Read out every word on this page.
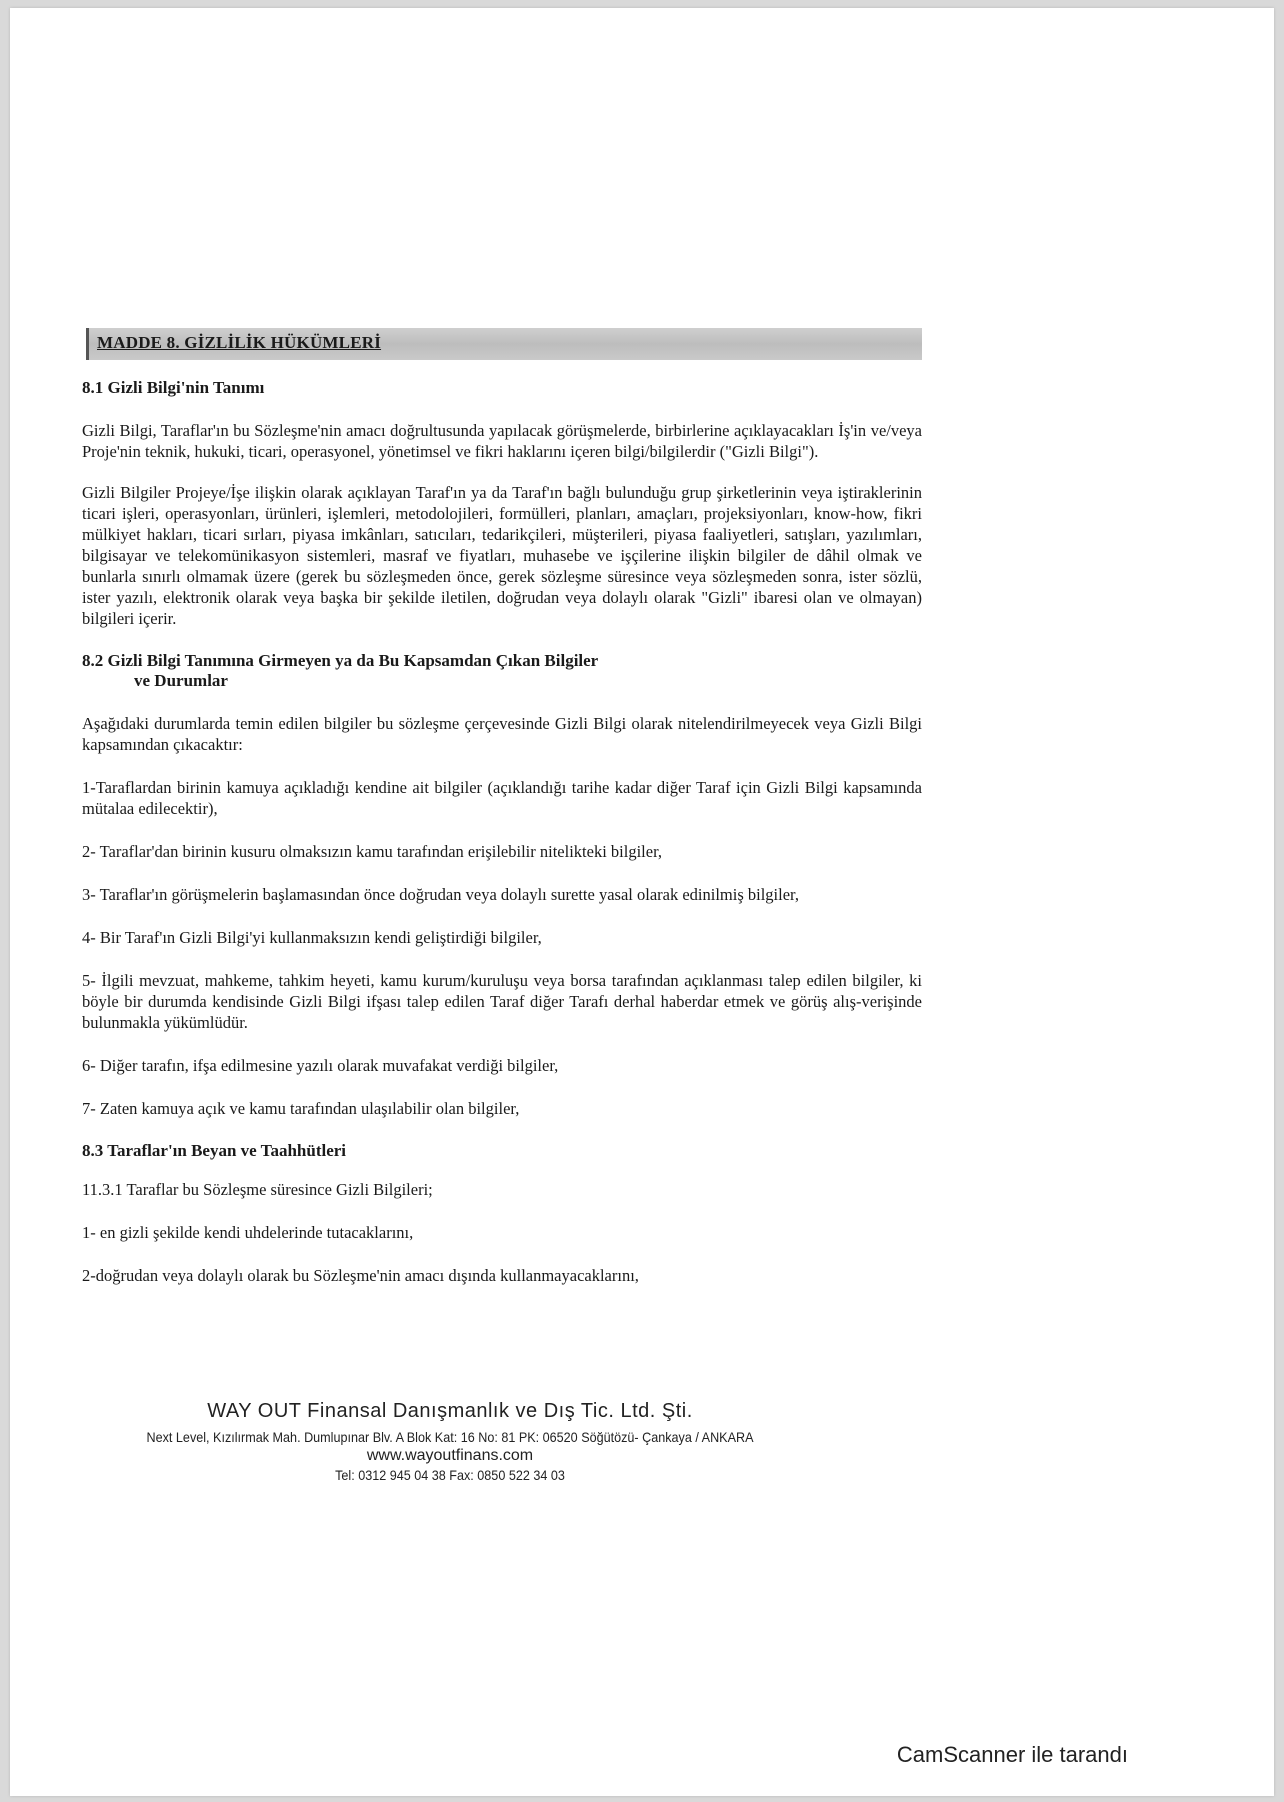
MADDE 8. GİZLİLİK HÜKÜMLERİ
8.1 Gizli Bilgi'nin Tanımı
Gizli Bilgi, Taraflar'ın bu Sözleşme'nin amacı doğrultusunda yapılacak görüşmelerde, birbirlerine açıklayacakları İş'in ve/veya Proje'nin teknik, hukuki, ticari, operasyonel, yönetimsel ve fikri haklarını içeren bilgi/bilgilerdir ("Gizli Bilgi").
Gizli Bilgiler Projeye/İşe ilişkin olarak açıklayan Taraf'ın ya da Taraf'ın bağlı bulunduğu grup şirketlerinin veya iştiraklerinin ticari işleri, operasyonları, ürünleri, işlemleri, metodolojileri, formülleri, planları, amaçları, projeksiyonları, know-how, fikri mülkiyet hakları, ticari sırları, piyasa imkânları, satıcıları, tedarikçileri, müşterileri, piyasa faaliyetleri, satışları, yazılımları, bilgisayar ve telekomünikasyon sistemleri, masraf ve fiyatları, muhasebe ve işçilerine ilişkin bilgiler de dâhil olmak ve bunlarla sınırlı olmamak üzere (gerek bu sözleşmeden önce, gerek sözleşme süresince veya sözleşmeden sonra, ister sözlü, ister yazılı, elektronik olarak veya başka bir şekilde iletilen, doğrudan veya dolaylı olarak "Gizli" ibaresi olan ve olmayan) bilgileri içerir.
8.2 Gizli Bilgi Tanımına Girmeyen ya da Bu Kapsamdan Çıkan Bilgiler
ve Durumlar
Aşağıdaki durumlarda temin edilen bilgiler bu sözleşme çerçevesinde Gizli Bilgi olarak nitelendirilmeyecek veya Gizli Bilgi kapsamından çıkacaktır:
1-Taraflardan birinin kamuya açıkladığı kendine ait bilgiler (açıklandığı tarihe kadar diğer Taraf için Gizli Bilgi kapsamında mütalaa edilecektir),
2- Taraflar'dan birinin kusuru olmaksızın kamu tarafından erişilebilir nitelikteki bilgiler,
3- Taraflar'ın görüşmelerin başlamasından önce doğrudan veya dolaylı surette yasal olarak edinilmiş bilgiler,
4- Bir Taraf'ın Gizli Bilgi'yi kullanmaksızın kendi geliştirdiği bilgiler,
5- İlgili mevzuat, mahkeme, tahkim heyeti, kamu kurum/kuruluşu veya borsa tarafından açıklanması talep edilen bilgiler, ki böyle bir durumda kendisinde Gizli Bilgi ifşası talep edilen Taraf diğer Tarafı derhal haberdar etmek ve görüş alış-verişinde bulunmakla yükümlüdür.
6- Diğer tarafın, ifşa edilmesine yazılı olarak muvafakat verdiği bilgiler,
7- Zaten kamuya açık ve kamu tarafından ulaşılabilir olan bilgiler,
8.3 Taraflar'ın Beyan ve Taahhütleri
11.3.1 Taraflar bu Sözleşme süresince Gizli Bilgileri;
1- en gizli şekilde kendi uhdelerinde tutacaklarını,
2-doğrudan veya dolaylı olarak bu Sözleşme'nin amacı dışında kullanmayacaklarını,
WAY OUT Finansal Danışmanlık ve Dış Tic. Ltd. Şti.
Next Level, Kızılırmak Mah. Dumlupınar Blv. A Blok Kat: 16 No: 81 PK: 06520 Söğütözü- Çankaya / ANKARA
www.wayoutfinans.com
Tel: 0312 945 04 38 Fax: 0850 522 34 03
CamScanner ile tarandı
